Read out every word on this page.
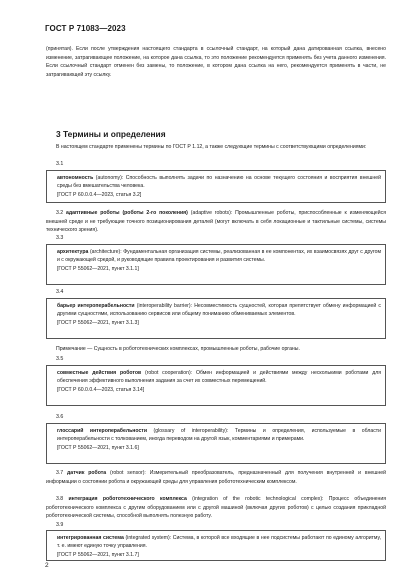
ГОСТ Р 71083—2023

(принятая). Если после утверждения настоящего стандарта в ссылочный стандарт, на который дана датированная ссылка, внесено изменение, затрагивающее положение, на которое дана ссылка, то это положение рекомендуется применять без учета данного изменения. Если ссылочный стандарт отменен без замены, то положение, в котором дана ссылка на него, рекомендуется применять в части, не затрагивающей эту ссылку.

3 Термины и определения

В настоящем стандарте применены термины по ГОСТ Р 1.12, а также следующие термины с соответствующими определениями:

3.1

автономность (autonomy): Способность выполнять задачи по назначению на основе текущего состояния и восприятия внешней среды без вмешательства человека.
[ГОСТ Р 60.0.0.4—2023, статья 3.2]

3.2 адаптивные роботы (роботы 2-го поколения) (adaptive robots): Промышленные роботы, приспособленные к изменяющейся внешней среде и не требующие точного позиционирования деталей (могут включать в себя локационные и тактильные системы, системы технического зрения).

3.3

архитектура (architecture): Фундаментальная организация системы, реализованная в ее компонентах, их взаимосвязях друг с другом и с окружающей средой, и руководящие правила проектирования и развития системы.
[ГОСТ Р 55062—2021, пункт 3.1.1]

3.4

барьер интероперабельности (interoperability barrier): Несовместимость сущностей, которая препятствует обмену информацией с другими сущностями, использованию сервисов или общему пониманию обмениваемых элементов.
[ГОСТ Р 55062—2021, пункт 3.1.3]

Примечание — Сущность в робототехнических комплексах, промышленные роботы, рабочие органы.

3.5

совместные действия роботов (robot cooperation): Обмен информацией и действиями между несколькими роботами для обеспечения эффективного выполнения задания за счет их совместных перемещений.
[ГОСТ Р 60.0.0.4—2023, статья 3.14]

3.6

глоссарий интероперабельности (glossary of interoperability): Термины и определения, используемые в области интероперабельности с толкованием, иногда переводом на другой язык, комментариями и примерами.
[ГОСТ Р 55062—2021, пункт 3.1.6]

3.7 датчик робота (robot sensor): Измерительный преобразователь, предназначенный для получения внутренней и внешней информации о состоянии робота и окружающей среды для управления робототехническим комплексом.

3.8 интеграция робототехнического комплекса (integration of the robotic technological complex): Процесс объединения робототехнического комплекса с другим оборудованием или с другой машиной (включая других роботов) с целью создания прикладной робототехнической системы, способной выполнять полезную работу.

3.9

интегрированная система (integrated system): Система, в которой все входящие в нее подсистемы работают по единому алгоритму, т. е. имеют единую точку управления.
[ГОСТ Р 55062—2021, пункт 3.1.7]
2
